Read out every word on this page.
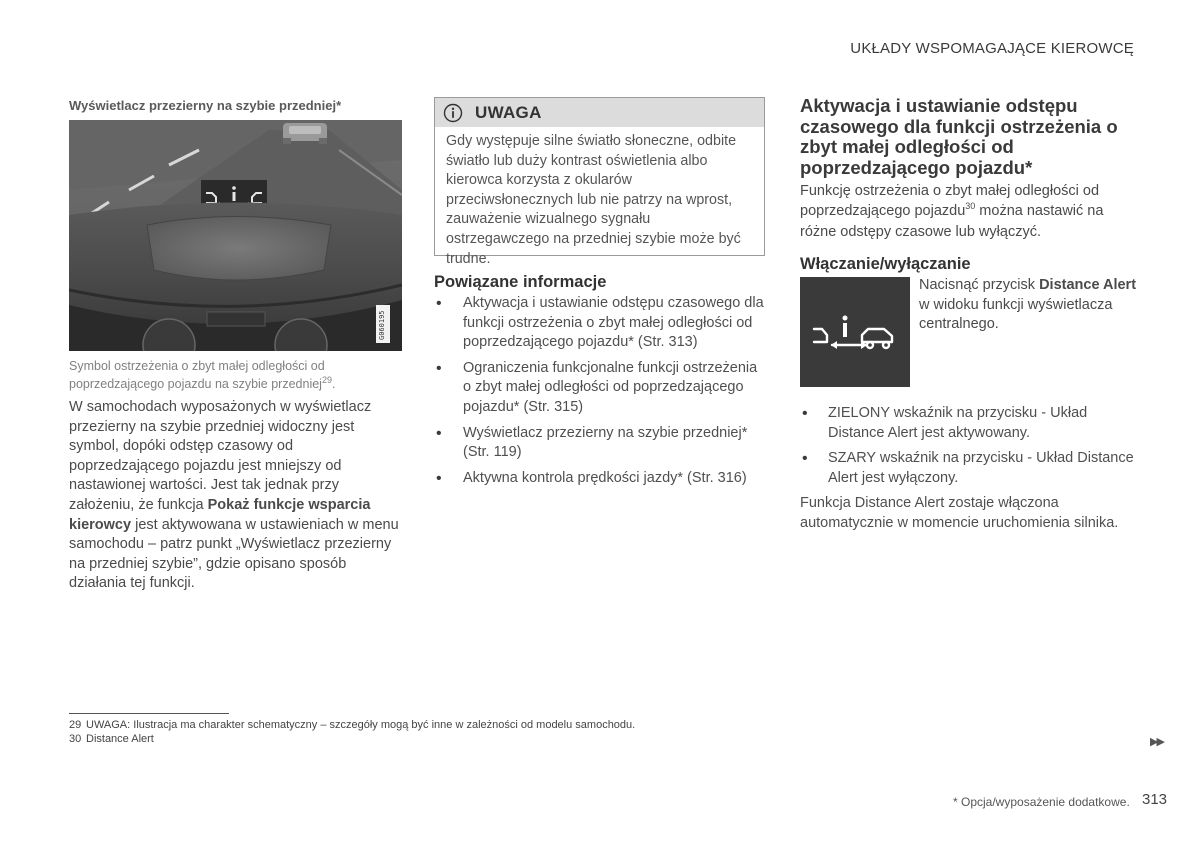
UKŁADY WSPOMAGAJĄCE KIEROWCĘ
Wyświetlacz przezierny na szybie przedniej*
G060195
Symbol ostrzeżenia o zbyt małej odległości od poprzedzającego pojazdu na szybie przedniej$^{29}$.
W samochodach wyposażonych w wyświetlacz przezierny na szybie przedniej widoczny jest symbol, dopóki odstęp czasowy od poprzedzającego pojazdu jest mniejszy od nastawionej wartości. Jest tak jednak przy założeniu, że funkcja Pokaż funkcje wsparcia kierowcy jest aktywowana w ustawieniach w menu samochodu – patrz punkt „Wyświetlacz przezierny na przedniej szybie”, gdzie opisano sposób działania tej funkcji.
UWAGA
Gdy występuje silne światło słoneczne, odbite światło lub duży kontrast oświetlenia albo kierowca korzysta z okularów przeciwsłonecznych lub nie patrzy na wprost, zauważenie wizualnego sygnału ostrzegawczego na przedniej szybie może być trudne.
Powiązane informacje
• Aktywacja i ustawianie odstępu czasowego dla funkcji ostrzeżenia o zbyt małej odległości od poprzedzającego pojazdu* (Str. 313)
• Ograniczenia funkcjonalne funkcji ostrzeżenia o zbyt małej odległości od poprzedzającego pojazdu* (Str. 315)
• Wyświetlacz przezierny na szybie przedniej* (Str. 119)
• Aktywna kontrola prędkości jazdy* (Str. 316)
Aktywacja i ustawianie odstępu czasowego dla funkcji ostrzeżenia o zbyt małej odległości od poprzedzającego pojazdu*
Funkcję ostrzeżenia o zbyt małej odległości od poprzedzającego pojazdu$^{30}$ można nastawić na różne odstępy czasowe lub wyłączyć.
Włączanie/wyłączanie
Nacisnąć przycisk Distance Alert w widoku funkcji wyświetlacza centralnego.
• ZIELONY wskaźnik na przycisku - Układ Distance Alert jest aktywowany.
• SZARY wskaźnik na przycisku - Układ Distance Alert jest wyłączony.
Funkcja Distance Alert zostaje włączona automatycznie w momencie uruchomienia silnika.
29 UWAGA: Ilustracja ma charakter schematyczny – szczegóły mogą być inne w zależności od modelu samochodu.
30 Distance Alert	▶▶
* Opcja/wyposażenie dodatkowe. 313
